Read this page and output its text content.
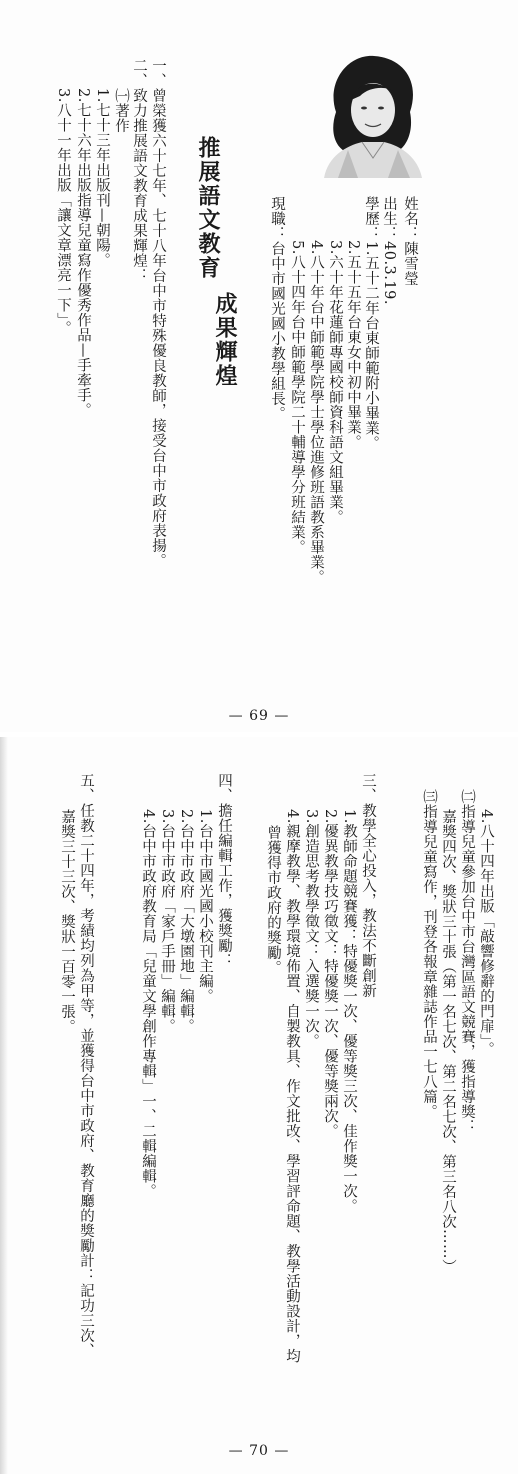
推展語文教育
成果輝煌
姓名：陳雪瑩
出生：40.3.19.
學歷：1.五十二年台東師範附小畢業。
2.五十五年台東女中初中畢業。
3.六十年花蓮師專國校師資科語文組畢業。
4.八十年台中師範學院學士學位進修班語教系畢業。
5.八十四年台中師範學院二十輔導學分班結業。
現職：台中市國光國小教學組長。
一、曾榮獲六十七年、七十八年台中市特殊優良教師，接受台中市政府表揚。
二、致力推展語文教育成果輝煌：
㈠著作
1.七十三年出版刊—朝陽。
2.七十六年出版指導兒童寫作優秀作品—手牽手。
3.八十一年出版「讓文章漂亮一下」。
— 69 —
4.八十四年出版「敲響修辭的門扉」。
㈡指導兒童參加台中市台灣區語文競賽，獲指導獎：
嘉獎四次、獎狀三十張（第一名七次、第二名七次、第三名八次……）
㈢指導兒童寫作，刊登各報章雜誌作品一七八篇。
三、教學全心投入，教法不斷創新
1.教師命題競賽獲：特優獎一次、優等獎三次、佳作獎一次。
2.優異教學技巧徵文：特優獎一次、優等獎兩次。
3.創造思考教學徵文：入選獎一次。
4.親摩教學、教學環境佈置、自製教具、作文批改、學習評命題、教學活動設計，均
曾獲得市政府的獎勵。
四、擔任編輯工作，獲獎勵：
1.台中市國光國小校刊主編。
2.台中市政府「大墩園地」編輯。
3.台中市政府「家戶手冊」編輯。
4.台中市政府教育局「兒童文學創作專輯」一、二輯編輯。
五、任教二十四年，考績均列為甲等，並獲得台中市政府、教育廳的獎勵計：記功三次、
嘉獎三十三次、獎狀一百零一張。
— 70 —
